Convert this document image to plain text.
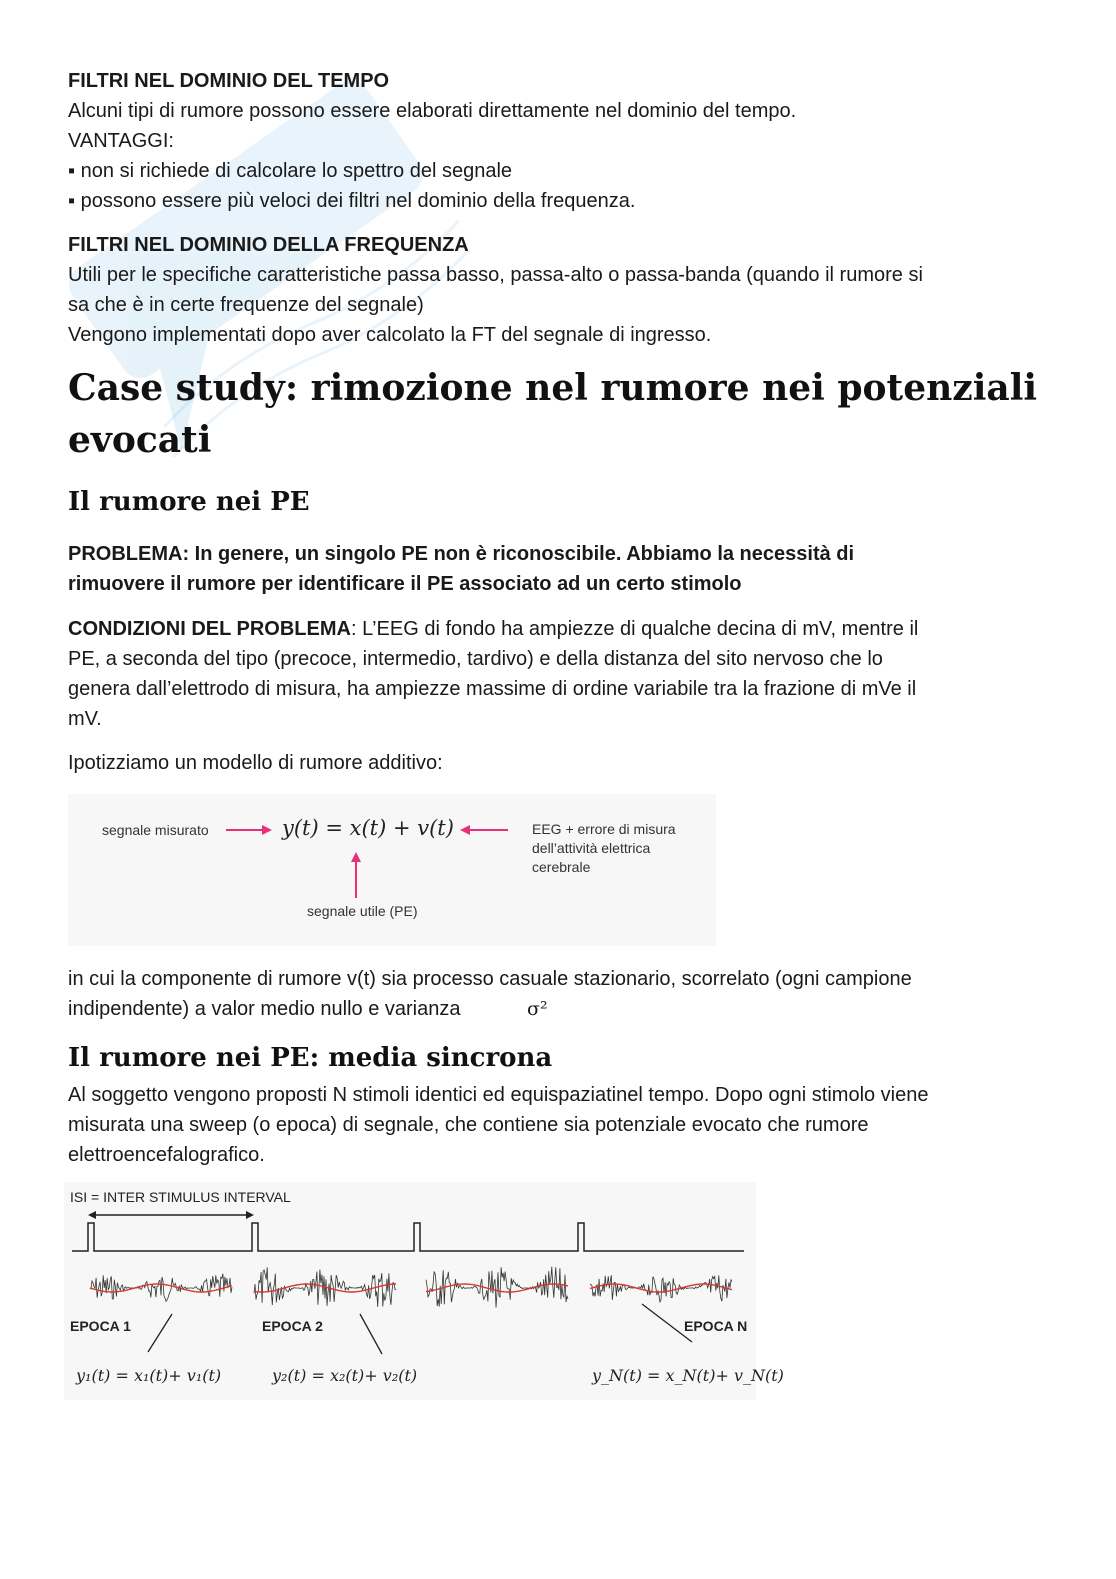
FILTRI NEL DOMINIO DEL TEMPO
Alcuni tipi di rumore possono essere elaborati direttamente nel dominio del tempo.
VANTAGGI:
▪ non si richiede di calcolare lo spettro del segnale
▪ possono essere più veloci dei filtri nel dominio della frequenza.
FILTRI NEL DOMINIO DELLA FREQUENZA
Utili per le specifiche caratteristiche passa basso, passa-alto o passa-banda (quando il rumore si
sa che è in certe frequenze del segnale)
Vengono implementati dopo aver calcolato la FT del segnale di ingresso.
Case study: rimozione nel rumore nei potenziali
evocati
Il rumore nei PE
PROBLEMA: In genere, un singolo PE non è riconoscibile. Abbiamo la necessità di
rimuovere il rumore per identificare il PE associato ad un certo stimolo
CONDIZIONI DEL PROBLEMA: L’EEG di fondo ha ampiezze di qualche decina di mV, mentre il
PE, a seconda del tipo (precoce, intermedio, tardivo) e della distanza del sito nervoso che lo
genera dall’elettrodo di misura, ha ampiezze massime di ordine variabile tra la frazione di mVe il
mV.
Ipotizziamo un modello di rumore additivo:
segnale misurato	y(t) = x(t) + v(t)	EEG + errore di misura
dell’attività elettrica
cerebrale
segnale utile (PE)
in cui la componente di rumore v(t) sia processo casuale stazionario, scorrelato (ogni campione
indipendente) a valor medio nullo e varianza	σ²
Il rumore nei PE: media sincrona
Al soggetto vengono proposti N stimoli identici ed equispaziatinel tempo. Dopo ogni stimolo viene
misurata una sweep (o epoca) di segnale, che contiene sia potenziale evocato che rumore
elettroencefalografico.
ISI = INTER STIMULUS INTERVAL
EPOCA 1	EPOCA 2	EPOCA N
y₁(t) = x₁(t)+ v₁(t)	y₂(t) = x₂(t)+ v₂(t)	y_N(t) = x_N(t)+ v_N(t)
